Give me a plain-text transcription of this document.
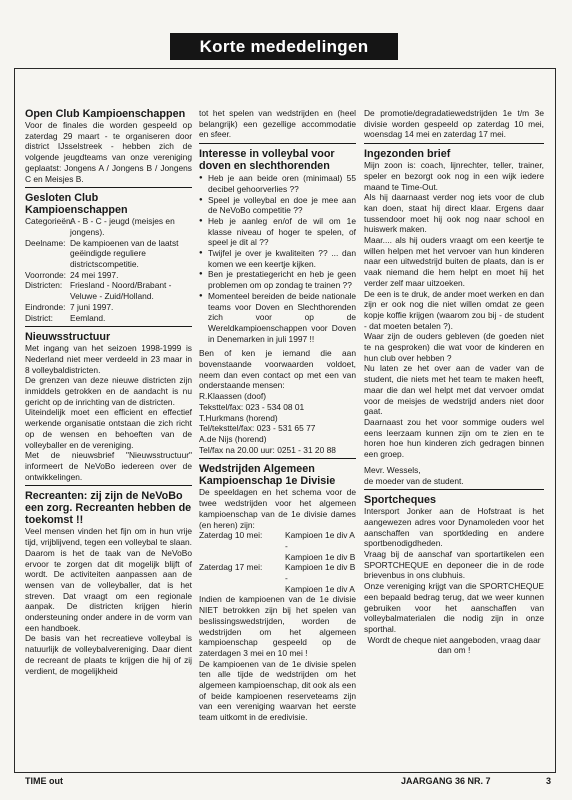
Korte mededelingen
Open Club Kampioenschappen

Voor de finales die worden gespeeld op zaterdag 29 maart - te organiseren door district IJsselstreek - hebben zich de volgende jeugdteams van onze vereniging geplaatst: Jongens A / Jongens B / Jongens C en Meisjes B.

Gesloten Club Kampioenschappen
Categorieën:
A - B - C - jeugd (meisjes en jongens).
Deelname: De kampioenen van de laatst geëindigde reguliere districtscompetitie.
Voorronde: 24 mei 1997.
Districten: Friesland - Noord/Brabant - Veluwe - Zuid/Holland.
Eindronde: 7 juni 1997.
District:	Eemland.
Nieuwsstructuur

Met ingang van het seizoen 1998-1999 is Nederland niet meer verdeeld in 23 maar in 8 volleybaldistricten.

De grenzen van deze nieuwe districten zijn inmiddels getrokken en de aandacht is nu gericht op de inrichting van de districten.

Uiteindelijk moet een efficient en effectief werkende organisatie ontstaan die zich richt op de wensen en behoeften van de volleyballer en de vereniging.

Met de nieuwsbrief "Nieuwsstructuur" informeert de NeVoBo iedereen over de ontwikkelingen.

Recreanten: zij zijn de NeVoBo een zorg. Recreanten hebben de toekomst !!

Veel mensen vinden het fijn om in hun vrije tijd, vrijblijvend, tegen een volleybal te slaan. Daarom is het de taak van de NeVoBo ervoor te zorgen dat dit mogelijk blijft of wordt. De activiteiten aanpassen aan de wensen van de volleyballer, dat is het streven. Dat vraagt om een regionale aanpak. De districten krijgen hierin ondersteuning onder andere in de vorm van een handboek.

De basis van het recreatieve volleybal is natuurlijk de volleybalvereniging. Daar dient de recreant de plaats te krijgen die hij of zij verdient, de mogelijkheid

tot het spelen van wedstrijden en (heel belangrijk) een gezellige accommodatie en sfeer.

Interesse in volleybal voor doven en slechthorenden
● Heb je aan beide oren (minimaal) 55 decibel gehoorverlies ??
● Speel je volleybal en doe je mee aan de NeVoBo competitie ??
● Heb je aanleg en/of de wil om 1e klasse niveau of hoger te spelen, of speel je dit al ??
● Twijfel je over je kwaliteiten ?? ... dan komen we een keertje kijken.
● Ben je prestatiegericht en heb je geen problemen om op zondag te trainen ??
● Momenteel bereiden de beide nationale teams voor Doven en Slechthorenden zich voor op de Wereldkampioenschappen voor Doven in Denemarken in juli 1997 !!

Ben of ken je iemand die aan bovenstaande voorwaarden voldoet, neem dan even contact op met een van onderstaande mensen:

R.Klaassen (doof)
Teksttel/fax: 023 - 534 08 01
T.Hurkmans (horend)
Tel/teksttel/fax: 023 - 531 65 77
A.de Nijs (horend)
Tel/fax na 20.00 uur: 0251 - 31 20 88
Wedstrijden Algemeen Kampioenschap 1e Divisie

De speeldagen en het schema voor de twee wedstrijden voor het algemeen kampioenschap van de 1e divisie dames (en heren) zijn:

Zaterdag 10 mei:	Kampioen 1e div A -
Kampioen 1e div B
Zaterdag 17 mei:	Kampioen 1e div B -
Kampioen 1e div A

Indien de kampioenen van de 1e divisie NIET betrokken zijn bij het spelen van beslissingswedstrijden, worden de wedstrijden om het algemeen kampioenschap gespeeld op de zaterdagen 3 mei en 10 mei !

De kampioenen van de 1e divisie spelen ten alle tijde de wedstrijden om het algemeen kampioenschap, dit ook als een of beide kampioenen reserveteams zijn van een vereniging waarvan het eerste team uitkomt in de eredivisie.

De promotie/degradatiewedstrijden 1e t/m 3e divisie worden gespeeld op zaterdag 10 mei, woensdag 14 mei en zaterdag 17 mei.

Ingezonden brief

Mijn zoon is: coach, lijnrechter, teller, trainer, speler en bezorgt ook nog in een wijk iedere maand te Time-Out.

Als hij daarnaast verder nog iets voor de club kan doen, staat hij direct klaar. Ergens daar tussendoor moet hij ook nog naar school en huiswerk maken.

Maar.... als hij ouders vraagt om een keertje te willen helpen met het vervoer van hun kinderen naar een uitwedstrijd buiten de plaats, dan is er vaak niemand die hem helpt en moet hij het verder zelf maar uitzoeken.

De een is te druk, de ander moet werken en dan zijn er ook nog die niet willen omdat ze geen kopje koffie krijgen (waarom zou bij - de student - dat moeten betalen ?).

Waar zijn de ouders gebleven (de goeden niet te na gesproken) die wat voor de kinderen en hun club over hebben ?

Nu laten ze het over aan de vader van de student, die niets met het team te maken heeft, maar die dan wel helpt met dat vervoer omdat voor de meisjes de wedstrijd anders niet door gaat.

Daarnaast zou het voor sommige ouders wel eens leerzaam kunnen zijn om te zien en te horen hoe hun kinderen zich gedragen binnen een groep.

Mevr. Wessels,

de moeder van de student.

Sportcheques

Intersport Jonker aan de Hofstraat is het aangewezen adres voor Dynamoleden voor het aanschaffen van sportkleding en andere sportbenodigdheden.

Vraag bij de aanschaf van sportartikelen een SPORTCHEQUE en deponeer die in de rode brievenbus in ons clubhuis.

Onze vereniging krijgt van die SPORTCHEQUE een bepaald bedrag terug, dat we weer kunnen gebruiken voor het aanschaffen van volleybalmaterialen die nodig zijn in onze sporthal.

Wordt de cheque niet aangeboden, vraag daar dan om !

TIME out	JAARGANG 36 NR. 7	3
